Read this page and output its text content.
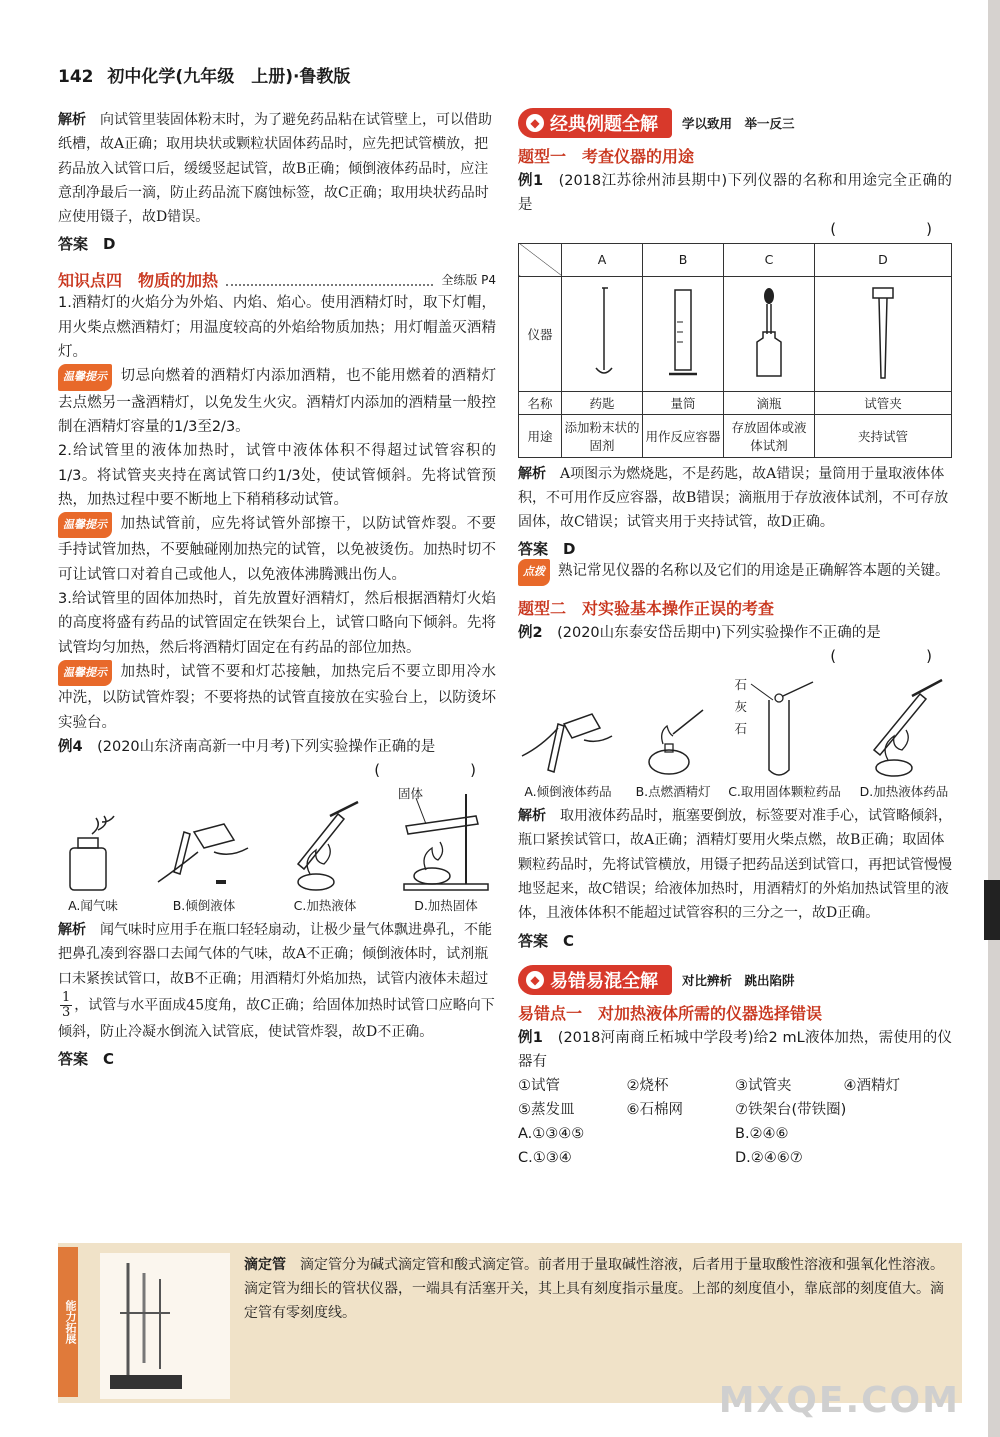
142 初中化学(九年级　上册)·鲁教版

解析　 向试管里装固体粉末时，为了避免药品粘在试管壁上，可以借助纸槽，故A正确；取用块状或颗粒状固体药品时，应先把试管横放，把药品放入试管口后，缓缓竖起试管，故B正确；倾倒液体药品时，应注意刮净最后一滴，防止药品流下腐蚀标签，故C正确；取用块状药品时应使用镊子，故D错误。

答案　D

知识点四　物质的加热	全练版 P4

1.酒精灯的火焰分为外焰、内焰、焰心。使用酒精灯时，取下灯帽，用火柴点燃酒精灯；用温度较高的外焰给物质加热；用灯帽盖灭酒精灯。

温馨提示 切忌向燃着的酒精灯内添加酒精，也不能用燃着的酒精灯去点燃另一盏酒精灯，以免发生火灾。酒精灯内添加的酒精量一般控制在酒精灯容量的1/3至2/3。

2.给试管里的液体加热时，试管中液体体积不得超过试管容积的1/3。将试管夹夹持在离试管口约1/3处，使试管倾斜。先将试管预热，加热过程中要不断地上下稍稍移动试管。

温馨提示 加热试管前，应先将试管外部擦干，以防试管炸裂。不要手持试管加热，不要触碰刚加热完的试管，以免被烫伤。加热时切不可让试管口对着自己或他人，以免液体沸腾溅出伤人。

3.给试管里的固体加热时，首先放置好酒精灯，然后根据酒精灯火焰的高度将盛有药品的试管固定在铁架台上，试管口略向下倾斜。先将试管均匀加热，然后将酒精灯固定在有药品的部位加热。

温馨提示 加热时，试管不要和灯芯接触，加热完后不要立即用冷水冲洗，以防试管炸裂；不要将热的试管直接放在实验台上，以防烫坏实验台。

例4　 (2020山东济南高新一中月考)下列实验操作正确的是

(　　)

A.闻气味	B.倾倒液体	C.加热液体
固体
D.加热固体

解析　 闻气味时应用手在瓶口轻轻扇动，让极少量气体飘进鼻孔，不能把鼻孔凑到容器口去闻气体的气味，故A不正确；倾倒液体时，试剂瓶口未紧挨试管口，故B不正确；用酒精灯外焰加热，试管内液体未超过
$\frac{1}{3}$ ，试管与水平面成45度角，故C正确；给固体加热时试管口应略向下倾斜，防止冷凝水倒流入试管底，使试管炸裂，故D不正确。

答案　C

◆ 经典例题全解 学以致用　举一反三

题型一　考查仪器的用途

例1　 (2018江苏徐州沛县期中)下列仪器的名称和用途完全正确的是

(　　)

	A	B	C	D
仪器				
名称	药匙	量筒	滴瓶	试管夹
用途	添加粉末状的固剂	用作反应容器	存放固体或液体试剂	夹持试管

解析　 A项图示为燃烧匙，不是药匙，故A错误；量筒用于量取液体体积，不可用作反应容器，故B错误；滴瓶用于存放液体试剂，不可存放固体，故C错误；试管夹用于夹持试管，故D正确。

答案　D

点拨 熟记常见仪器的名称以及它们的用途是正确解答本题的关键。

题型二　对实验基本操作正误的考查

例2　 (2020山东泰安岱岳期中)下列实验操作不正确的是

(　　)

A.倾倒液体药品 B.点燃酒精灯
石灰石
C.取用固体颗粒药品 D.加热液体药品

解析　 取用液体药品时，瓶塞要倒放，标签要对准手心，试管略倾斜，瓶口紧挨试管口，故A正确；酒精灯要用火柴点燃，故B正确；取固体颗粒药品时，先将试管横放，用镊子把药品送到试管口，再把试管慢慢地竖起来，故C错误；给液体加热时，用酒精灯的外焰加热试管里的液体，且液体体积不能超过试管容积的三分之一，故D正确。

答案　C

◆ 易错易混全解 对比辨析　跳出陷阱

易错点一　对加热液体所需的仪器选择错误

例1　 (2018河南商丘柘城中学段考)给2 mL液体加热，需使用的仪器有

①试管	②烧杯	③试管夹	④酒精灯
⑤蒸发皿	⑥石棉网	⑦铁架台(带铁圈)
A.①③④⑤	B.②④⑥
C.①③④	D.②④⑥⑦
能力拓展

滴定管　 滴定管分为碱式滴定管和酸式滴定管。前者用于量取碱性溶液，后者用于量取酸性溶液和强氧化性溶液。滴定管为细长的管状仪器，一端具有活塞开关，其上具有刻度指示量度。上部的刻度值小，靠底部的刻度值大。滴定管有零刻度线。

MXQE.COM
